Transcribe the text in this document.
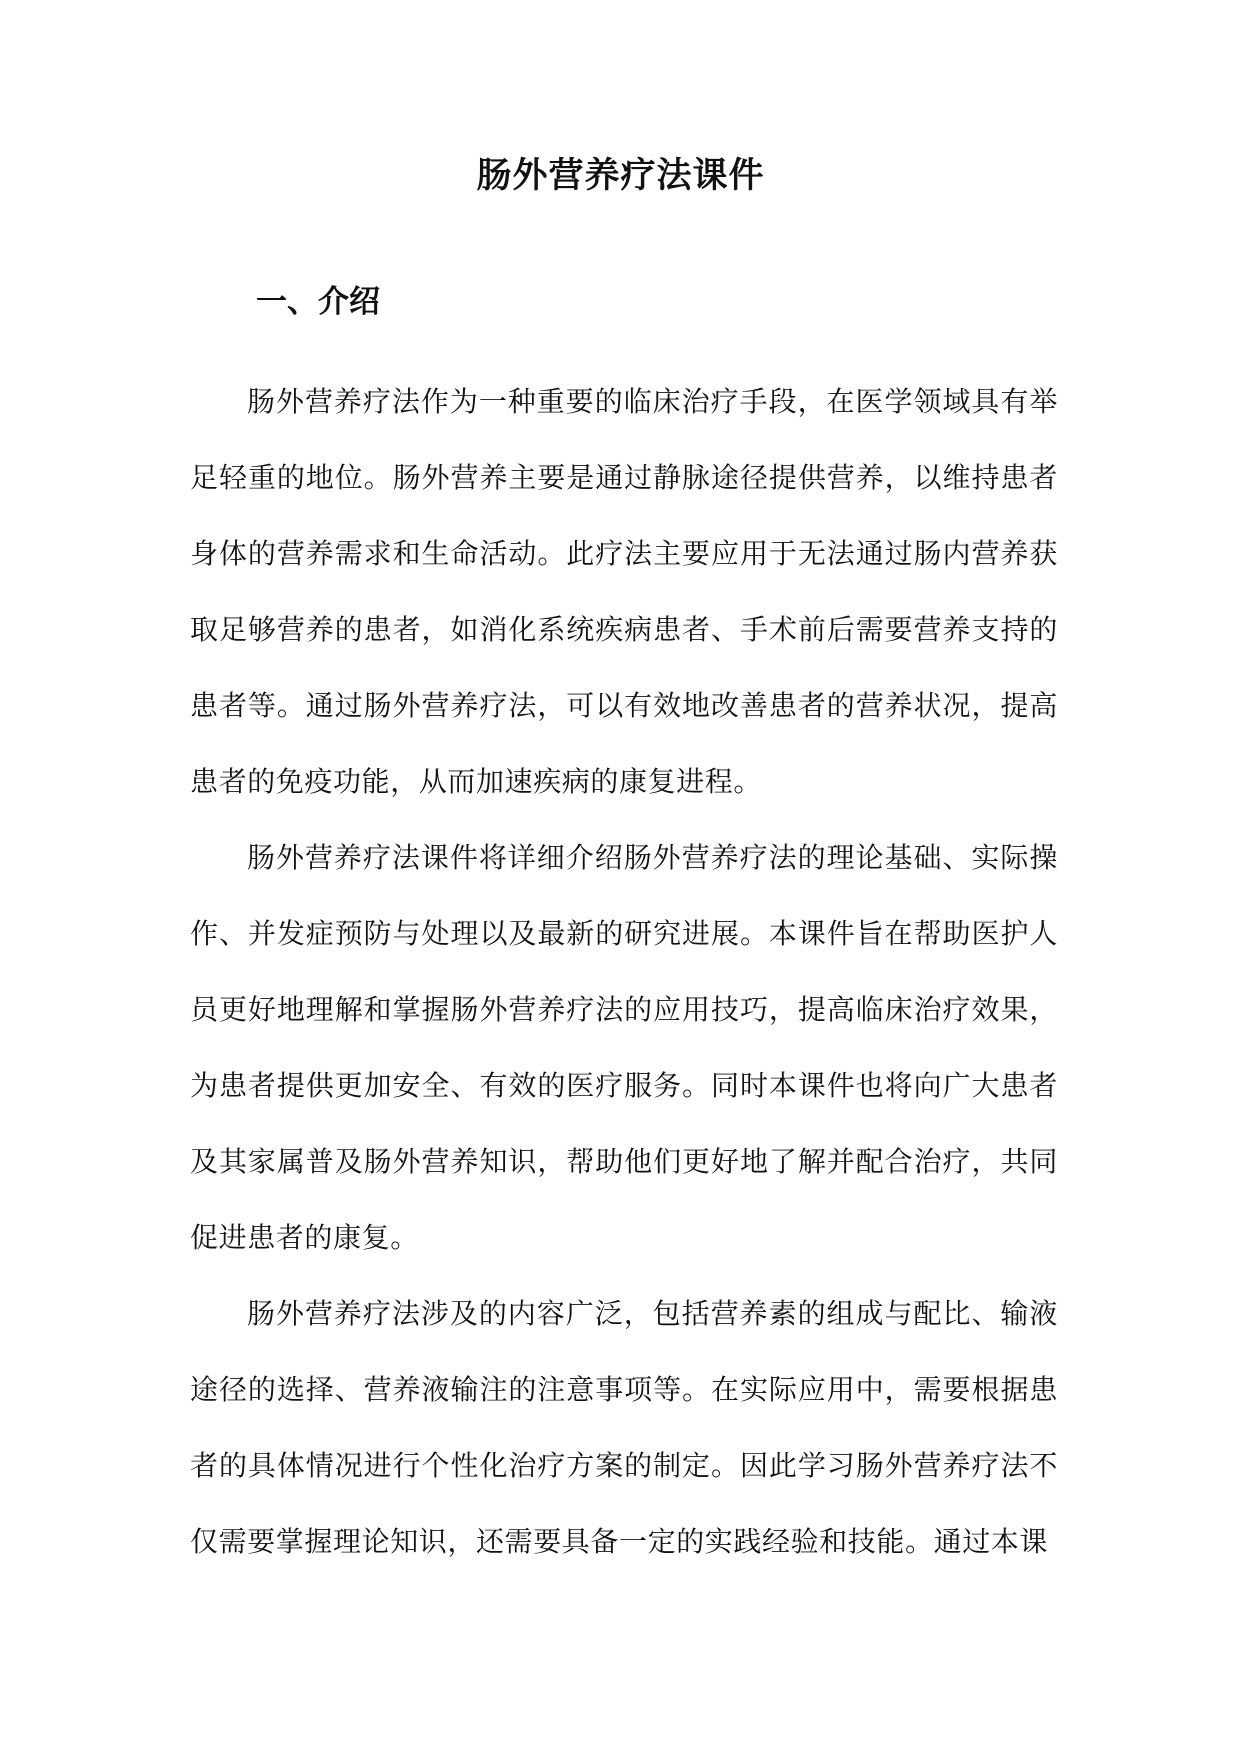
肠外营养疗法课件
一、介绍

肠外营养疗法作为一种重要的临床治疗手段，在医学领域具有举足轻重的地位。肠外营养主要是通过静脉途径提供营养，以维持患者身体的营养需求和生命活动。此疗法主要应用于无法通过肠内营养获取足够营养的患者，如消化系统疾病患者、手术前后需要营养支持的患者等。通过肠外营养疗法，可以有效地改善患者的营养状况，提高患者的免疫功能，从而加速疾病的康复进程。

肠外营养疗法课件将详细介绍肠外营养疗法的理论基础、实际操作、并发症预防与处理以及最新的研究进展。本课件旨在帮助医护人员更好地理解和掌握肠外营养疗法的应用技巧，提高临床治疗效果，为患者提供更加安全、有效的医疗服务。同时本课件也将向广大患者及其家属普及肠外营养知识，帮助他们更好地了解并配合治疗，共同促进患者的康复。

肠外营养疗法涉及的内容广泛，包括营养素的组成与配比、输液途径的选择、营养液输注的注意事项等。在实际应用中，需要根据患者的具体情况进行个性化治疗方案的制定。因此学习肠外营养疗法不仅需要掌握理论知识，还需要具备一定的实践经验和技能。通过本课
